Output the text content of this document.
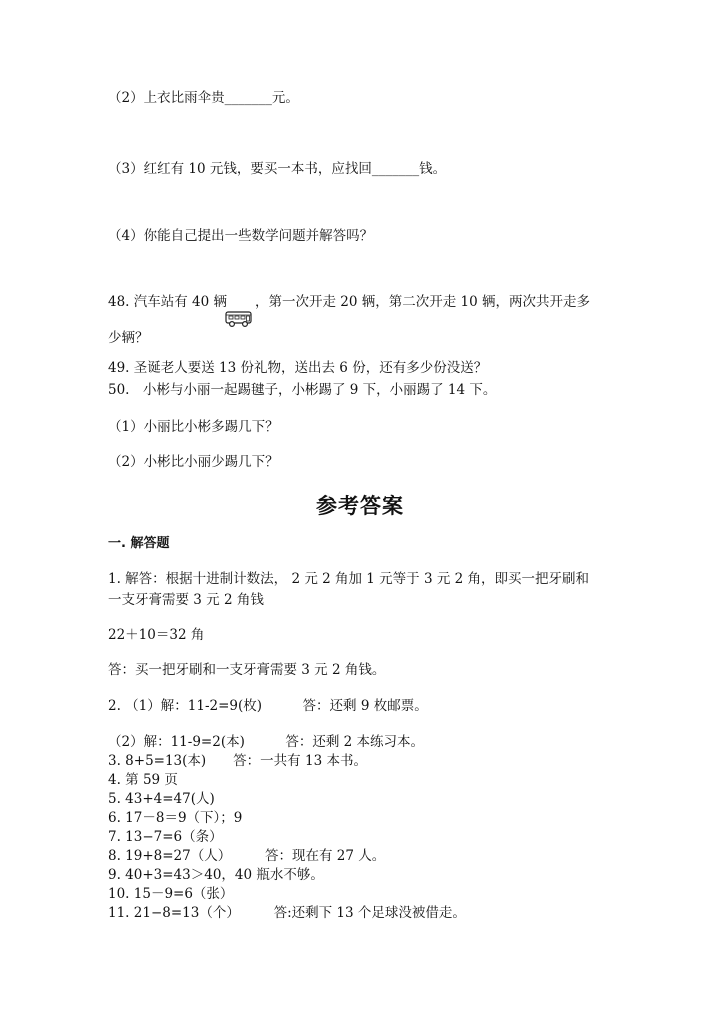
（2）上衣比雨伞贵_______元。
（3）红红有 10 元钱，要买一本书，应找回_______钱。
（4）你能自己提出一些数学问题并解答吗？
48. 汽车站有 40 辆 ，第一次开走 20 辆，第二次开走 10 辆，两次共开走多
少辆？
49. 圣诞老人要送 13 份礼物，送出去 6 份，还有多少份没送？
50.　小彬与小丽一起踢毽子，小彬踢了 9 下，小丽踢了 14 下。
（1）小丽比小彬多踢几下？
（2）小彬比小丽少踢几下？
参考答案
一. 解答题
1. 解答：根据十进制计数法， 2 元 2 角加 1 元等于 3 元 2 角，即买一把牙刷和
一支牙膏需要 3 元 2 角钱
22＋10＝32 角
答：买一把牙刷和一支牙膏需要 3 元 2 角钱。
2. （1）解：11-2=9(枚)　　　答：还剩 9 枚邮票。
（2）解：11-9=2(本)　　　答：还剩 2 本练习本。
3. 8+5=13(本)　　答：一共有 13 本书。
4. 第 59 页
5. 43+4=47(人)
6. 17－8＝9（下）；9
7. 13−7=6（条）
8. 19+8=27（人）　　　答：现在有 27 人。
9. 40+3=43＞40，40 瓶水不够。
10. 15－9=6（张）
11. 21−8=13（个）　　　答:还剩下 13 个足球没被借走。
